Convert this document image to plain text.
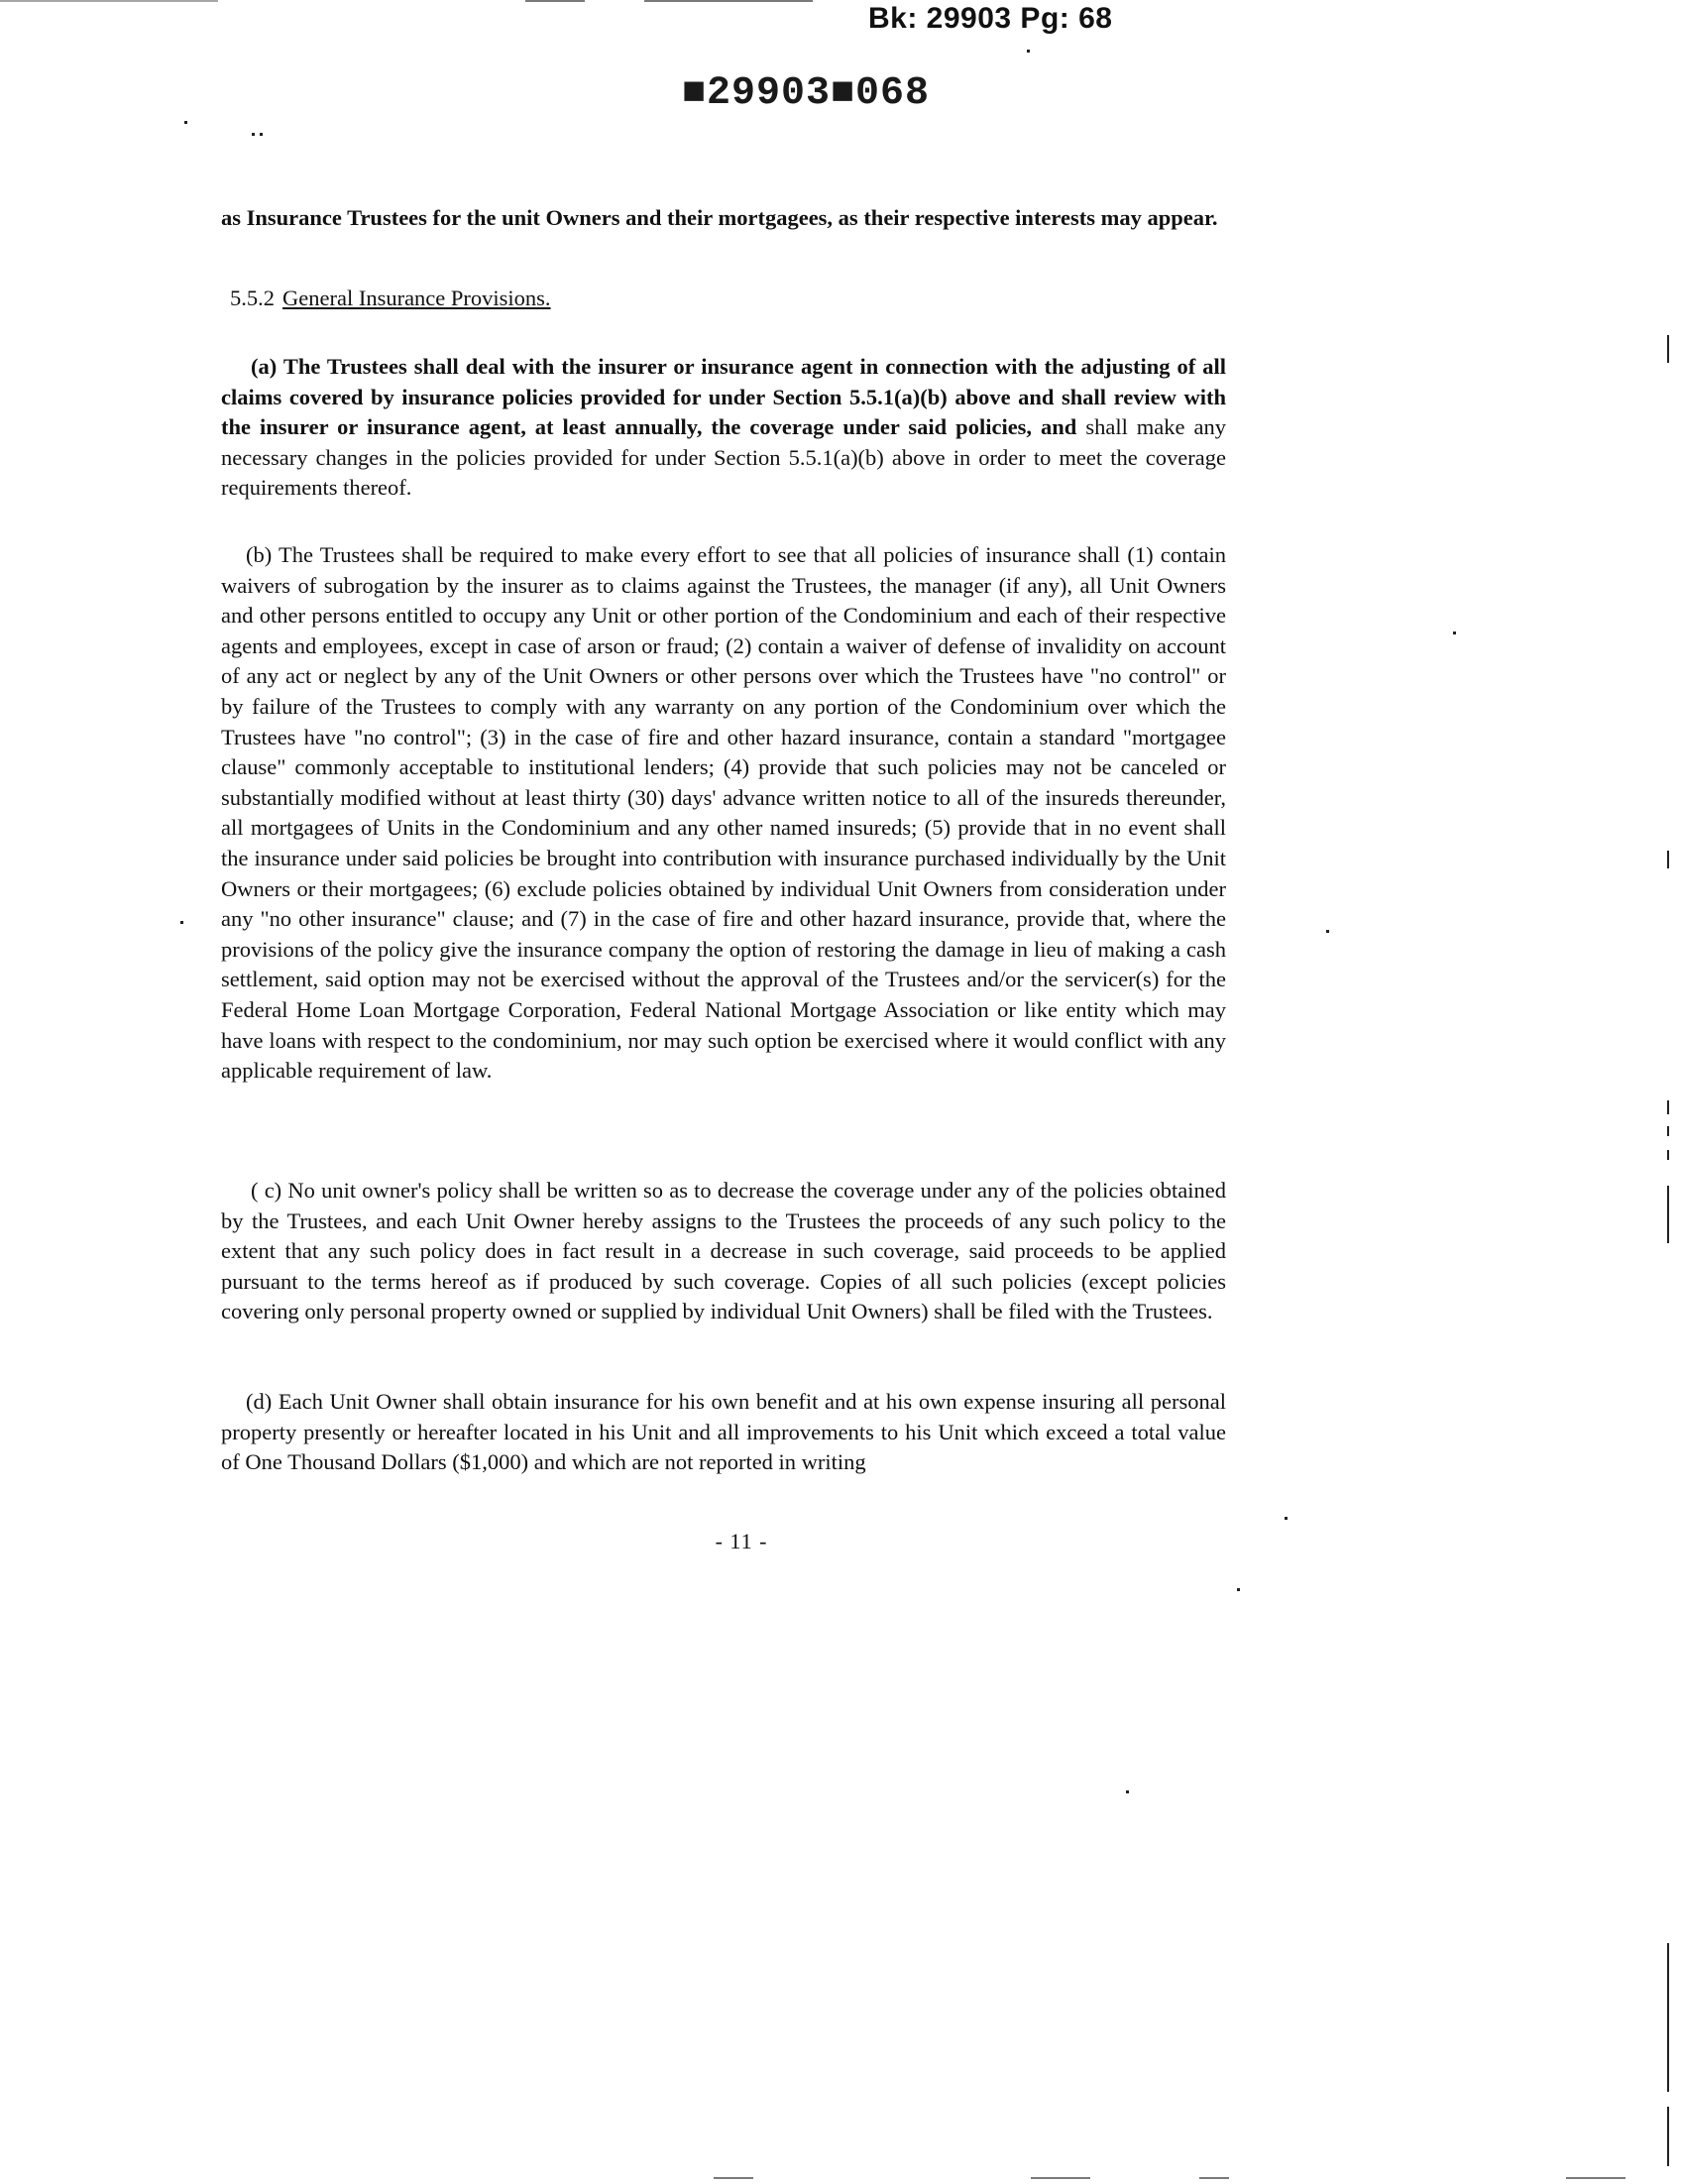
Bk: 29903 Pg: 68
■29903■068

as Insurance Trustees for the unit Owners and their mortgagees, as their respective interests may appear.

5.5.2 General Insurance Provisions.

(a) The Trustees shall deal with the insurer or insurance agent in connection with the adjusting of all claims covered by insurance policies provided for under Section 5.5.1(a)(b) above and shall review with the insurer or insurance agent, at least annually, the coverage under said policies, and shall make any necessary changes in the policies provided for under Section 5.5.1(a)(b) above in order to meet the coverage requirements thereof.

(b) The Trustees shall be required to make every effort to see that all policies of insurance shall (1) contain waivers of subrogation by the insurer as to claims against the Trustees, the manager (if any), all Unit Owners and other persons entitled to occupy any Unit or other portion of the Condominium and each of their respective agents and employees, except in case of arson or fraud; (2) contain a waiver of defense of invalidity on account of any act or neglect by any of the Unit Owners or other persons over which the Trustees have "no control" or by failure of the Trustees to comply with any warranty on any portion of the Condominium over which the Trustees have "no control"; (3) in the case of fire and other hazard insurance, contain a standard "mortgagee clause" commonly acceptable to institutional lenders; (4) provide that such policies may not be canceled or substantially modified without at least thirty (30) days' advance written notice to all of the insureds thereunder, all mortgagees of Units in the Condominium and any other named insureds; (5) provide that in no event shall the insurance under said policies be brought into contribution with insurance purchased individually by the Unit Owners or their mortgagees; (6) exclude policies obtained by individual Unit Owners from consideration under any "no other insurance" clause; and (7) in the case of fire and other hazard insurance, provide that, where the provisions of the policy give the insurance company the option of restoring the damage in lieu of making a cash settlement, said option may not be exercised without the approval of the Trustees and/or the servicer(s) for the Federal Home Loan Mortgage Corporation, Federal National Mortgage Association or like entity which may have loans with respect to the condominium, nor may such option be exercised where it would conflict with any applicable requirement of law.

( c) No unit owner's policy shall be written so as to decrease the coverage under any of the policies obtained by the Trustees, and each Unit Owner hereby assigns to the Trustees the proceeds of any such policy to the extent that any such policy does in fact result in a decrease in such coverage, said proceeds to be applied pursuant to the terms hereof as if produced by such coverage. Copies of all such policies (except policies covering only personal property owned or supplied by individual Unit Owners) shall be filed with the Trustees.

(d) Each Unit Owner shall obtain insurance for his own benefit and at his own expense insuring all personal property presently or hereafter located in his Unit and all improvements to his Unit which exceed a total value of One Thousand Dollars ($1,000) and which are not reported in writing

- 11 -
